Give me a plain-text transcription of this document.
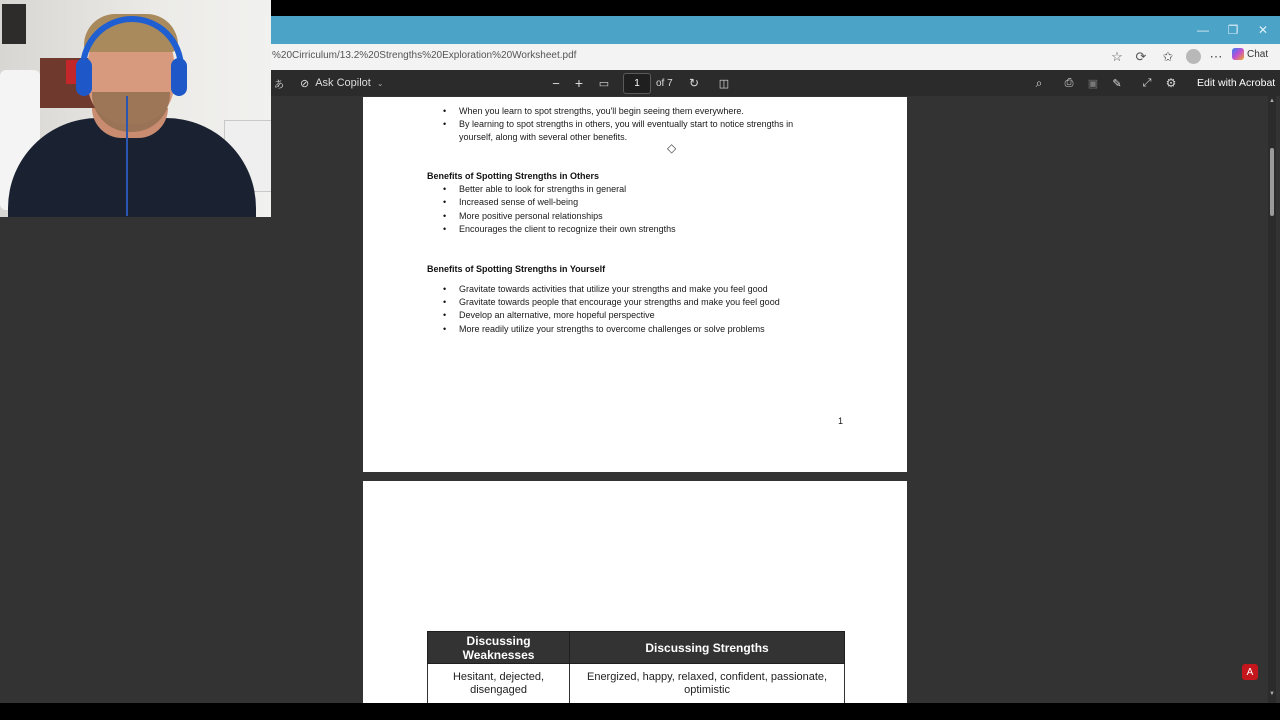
—	❐	✕
%20Cirriculum/13.2%20Strengths%20Exploration%20Worksheet.pdf	☆ ⟳ ✩	⋯ Chat
あ ⊘ Ask Copilot ⌄	−	+	▭	1	of 7 ↻ ◫	⌕	⎙	▣	✎	⤢ ⚙ Edit with Acrobat
• When you learn to spot strengths, you'll begin seeing them everywhere.
• By learning to spot strengths in others, you will eventually start to notice strengths in
yourself, along with several other benefits.
◇
Benefits of Spotting Strengths in Others
• Better able to look for strengths in general
• Increased sense of well-being
• More positive personal relationships
• Encourages the client to recognize their own strengths
Benefits of Spotting Strengths in Yourself
• Gravitate towards activities that utilize your strengths and make you feel good
• Gravitate towards people that encourage your strengths and make you feel good
• Develop an alternative, more hopeful perspective
• More readily utilize your strengths to overcome challenges or solve problems
1
Discussing Weaknesses	Discussing Strengths
Hesitant, dejected, disengaged	Energized, happy, relaxed, confident, passionate, optimistic
▲
▼
A
